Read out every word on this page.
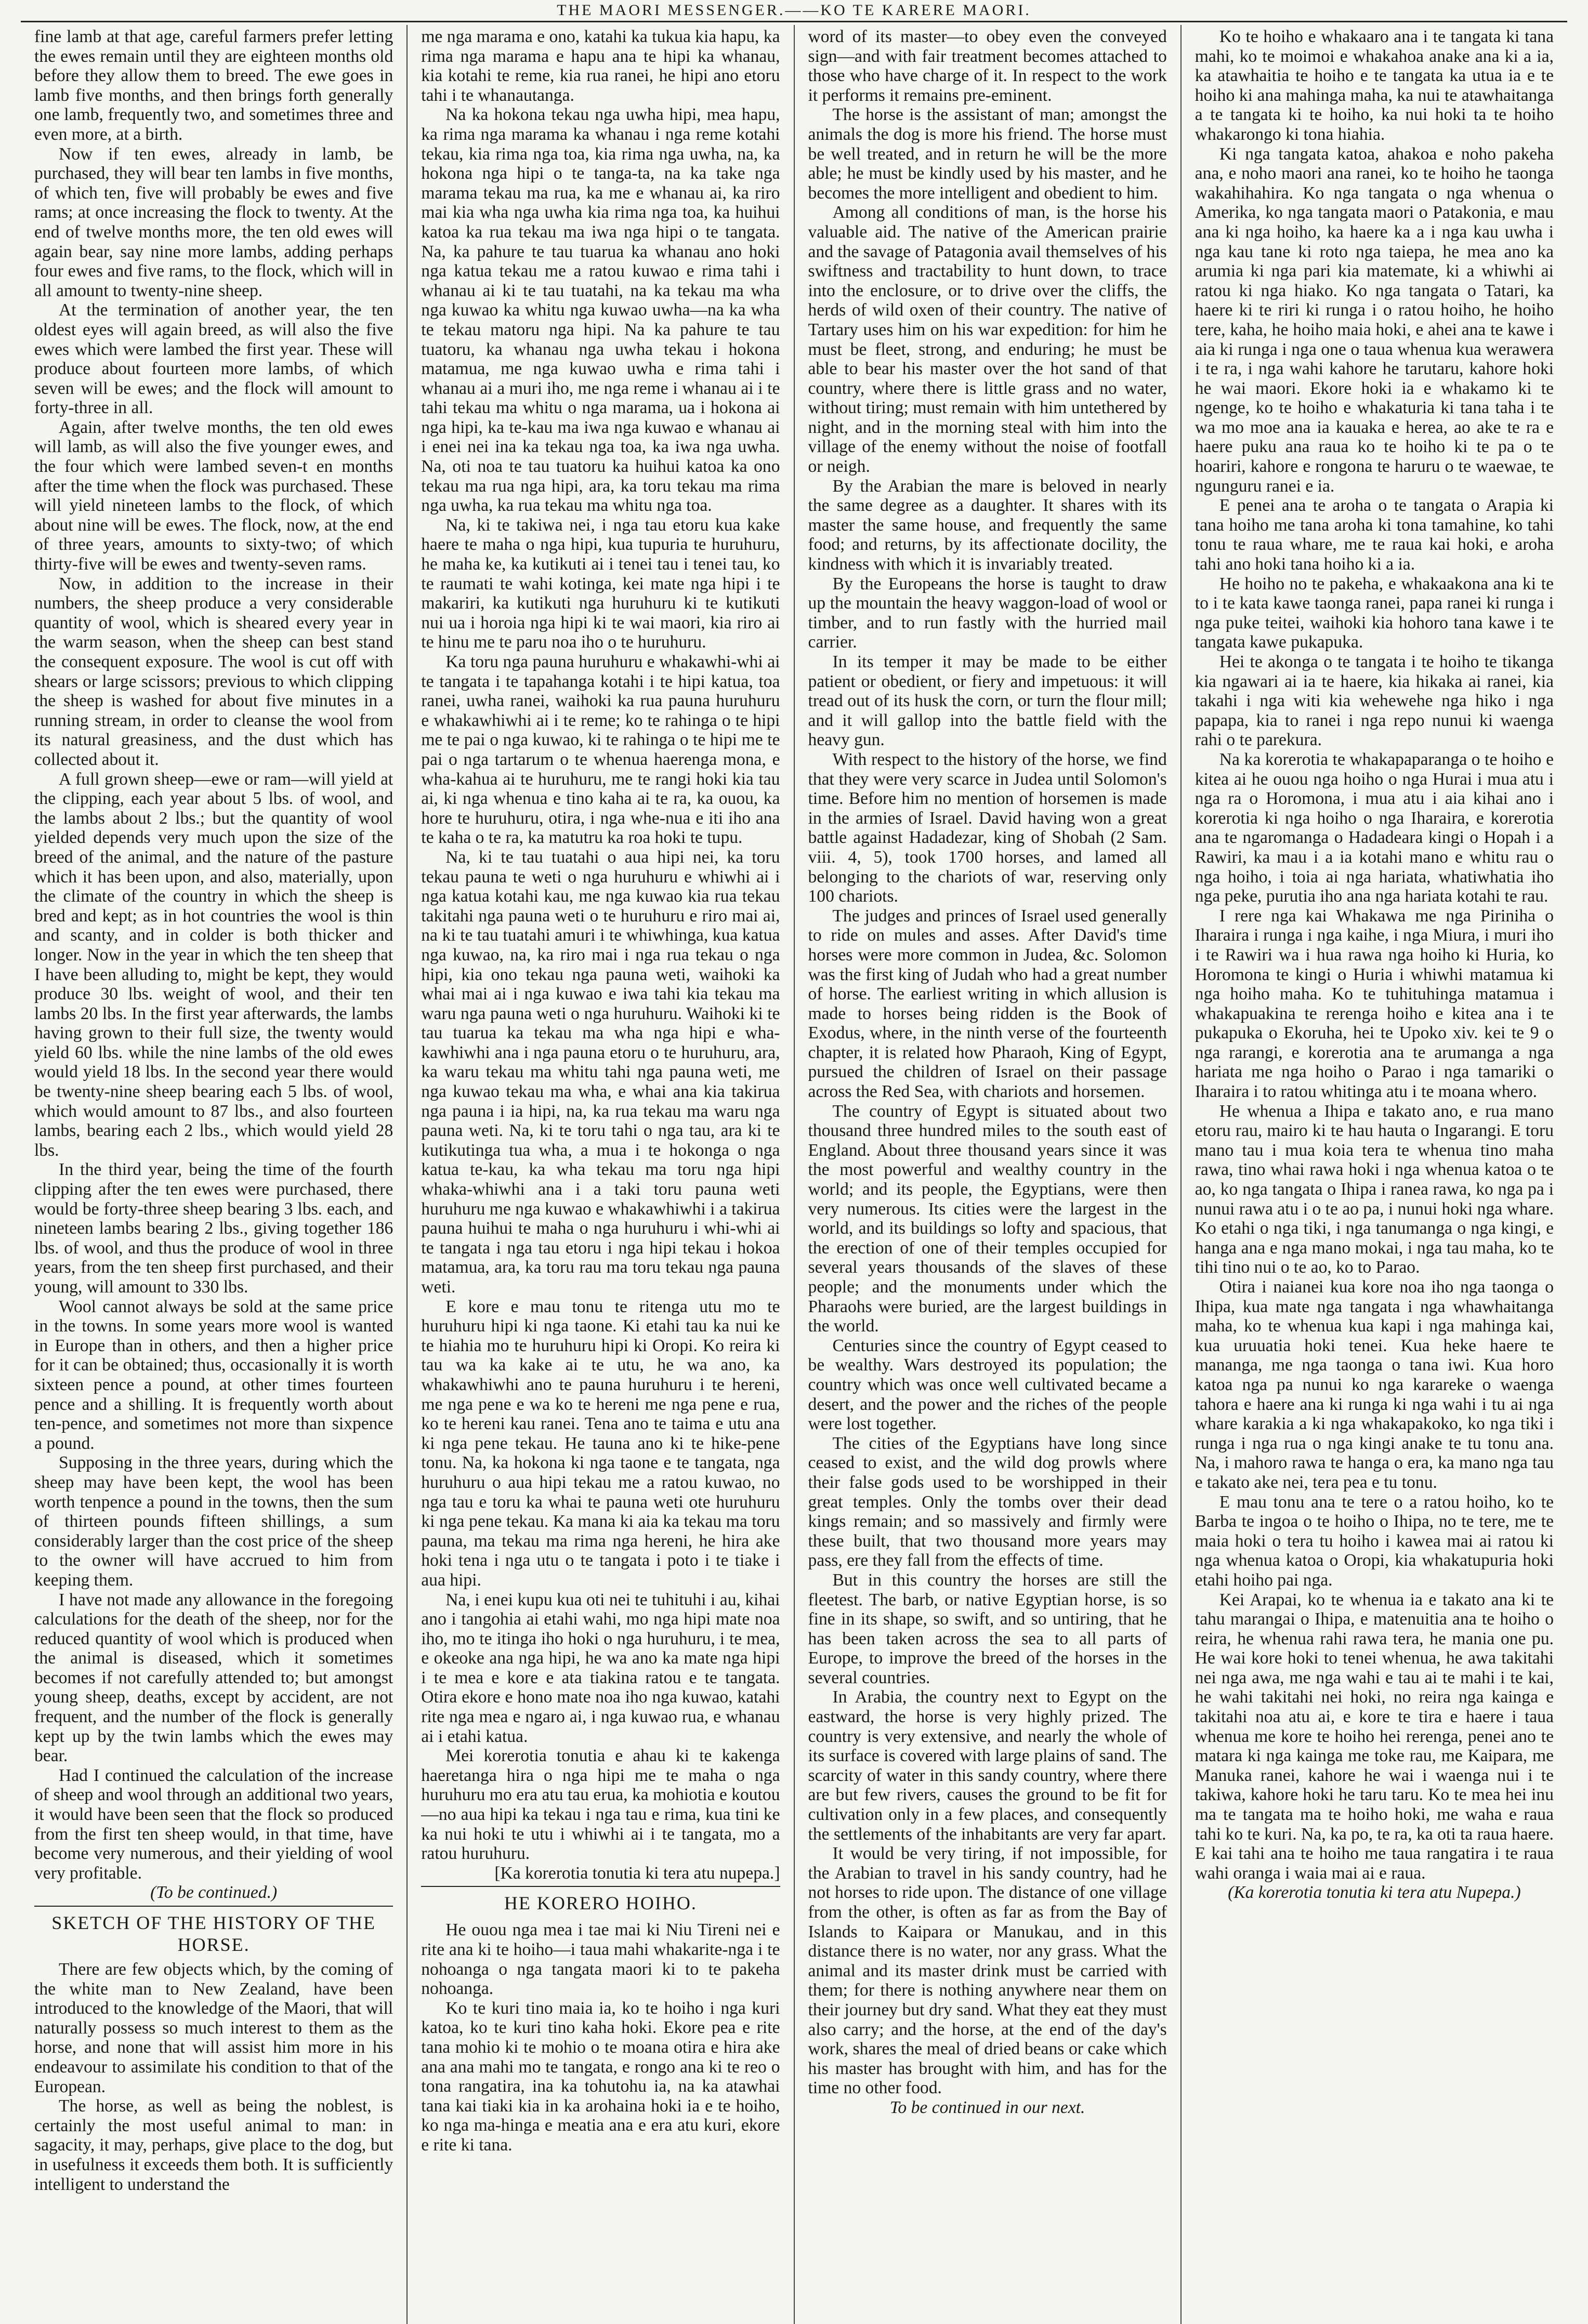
THE MAORI MESSENGER.——KO TE KARERE MAORI.

fine lamb at that age, careful farmers prefer letting the ewes remain until they are eighteen months old before they allow them to breed. The ewe goes in lamb five months, and then brings forth generally one lamb, frequently two, and sometimes three and even more, at a birth.

Now if ten ewes, already in lamb, be purchased, they will bear ten lambs in five months, of which ten, five will probably be ewes and five rams; at once increasing the flock to twenty. At the end of twelve months more, the ten old ewes will again bear, say nine more lambs, adding perhaps four ewes and five rams, to the flock, which will in all amount to twenty-nine sheep.

At the termination of another year, the ten oldest eyes will again breed, as will also the five ewes which were lambed the first year. These will produce about fourteen more lambs, of which seven will be ewes; and the flock will amount to forty-three in all.

Again, after twelve months, the ten old ewes will lamb, as will also the five younger ewes, and the four which were lambed seven-t en months after the time when the flock was purchased. These will yield nineteen lambs to the flock, of which about nine will be ewes. The flock, now, at the end of three years, amounts to sixty-two; of which thirty-five will be ewes and twenty-seven rams.

Now, in addition to the increase in their numbers, the sheep produce a very considerable quantity of wool, which is sheared every year in the warm season, when the sheep can best stand the consequent exposure. The wool is cut off with shears or large scissors; previous to which clipping the sheep is washed for about five minutes in a running stream, in order to cleanse the wool from its natural greasiness, and the dust which has collected about it.

A full grown sheep—ewe or ram—will yield at the clipping, each year about 5 lbs. of wool, and the lambs about 2 lbs.; but the quantity of wool yielded depends very much upon the size of the breed of the animal, and the nature of the pasture which it has been upon, and also, materially, upon the climate of the country in which the sheep is bred and kept; as in hot countries the wool is thin and scanty, and in colder is both thicker and longer. Now in the year in which the ten sheep that I have been alluding to, might be kept, they would produce 30 lbs. weight of wool, and their ten lambs 20 lbs. In the first year afterwards, the lambs having grown to their full size, the twenty would yield 60 lbs. while the nine lambs of the old ewes would yield 18 lbs. In the second year there would be twenty-nine sheep bearing each 5 lbs. of wool, which would amount to 87 lbs., and also fourteen lambs, bearing each 2 lbs., which would yield 28 lbs.

In the third year, being the time of the fourth clipping after the ten ewes were purchased, there would be forty-three sheep bearing 3 lbs. each, and nineteen lambs bearing 2 lbs., giving together 186 lbs. of wool, and thus the produce of wool in three years, from the ten sheep first purchased, and their young, will amount to 330 lbs.

Wool cannot always be sold at the same price in the towns. In some years more wool is wanted in Europe than in others, and then a higher price for it can be obtained; thus, occasionally it is worth sixteen pence a pound, at other times fourteen pence and a shilling. It is frequently worth about ten-pence, and sometimes not more than sixpence a pound.

Supposing in the three years, during which the sheep may have been kept, the wool has been worth tenpence a pound in the towns, then the sum of thirteen pounds fifteen shillings, a sum considerably larger than the cost price of the sheep to the owner will have accrued to him from keeping them.

I have not made any allowance in the foregoing calculations for the death of the sheep, nor for the reduced quantity of wool which is produced when the animal is diseased, which it sometimes becomes if not carefully attended to; but amongst young sheep, deaths, except by accident, are not frequent, and the number of the flock is generally kept up by the twin lambs which the ewes may bear.

Had I continued the calculation of the increase of sheep and wool through an additional two years, it would have been seen that the flock so produced from the first ten sheep would, in that time, have become very numerous, and their yielding of wool very profitable.

(To be continued.)

SKETCH OF THE HISTORY OF THE HORSE.

There are few objects which, by the coming of the white man to New Zealand, have been introduced to the knowledge of the Maori, that will naturally possess so much interest to them as the horse, and none that will assist him more in his endeavour to assimilate his condition to that of the European.

The horse, as well as being the noblest, is certainly the most useful animal to man: in sagacity, it may, perhaps, give place to the dog, but in usefulness it exceeds them both. It is sufficiently intelligent to understand the

me nga marama e ono, katahi ka tukua kia hapu, ka rima nga marama e hapu ana te hipi ka whanau, kia kotahi te reme, kia rua ranei, he hipi ano etoru tahi i te whanautanga.

Na ka hokona tekau nga uwha hipi, mea hapu, ka rima nga marama ka whanau i nga reme kotahi tekau, kia rima nga toa, kia rima nga uwha, na, ka hokona nga hipi o te tanga-ta, na ka take nga marama tekau ma rua, ka me e whanau ai, ka riro mai kia wha nga uwha kia rima nga toa, ka huihui katoa ka rua tekau ma iwa nga hipi o te tangata. Na, ka pahure te tau tuarua ka whanau ano hoki nga katua tekau me a ratou kuwao e rima tahi i whanau ai ki te tau tuatahi, na ka tekau ma wha nga kuwao ka whitu nga kuwao uwha—na ka wha te tekau matoru nga hipi. Na ka pahure te tau tuatoru, ka whanau nga uwha tekau i hokona matamua, me nga kuwao uwha e rima tahi i whanau ai a muri iho, me nga reme i whanau ai i te tahi tekau ma whitu o nga marama, ua i hokona ai nga hipi, ka te-kau ma iwa nga kuwao e whanau ai i enei nei ina ka tekau nga toa, ka iwa nga uwha. Na, oti noa te tau tuatoru ka huihui katoa ka ono tekau ma rua nga hipi, ara, ka toru tekau ma rima nga uwha, ka rua tekau ma whitu nga toa.

Na, ki te takiwa nei, i nga tau etoru kua kake haere te maha o nga hipi, kua tupuria te huruhuru, he maha ke, ka kutikuti ai i tenei tau i tenei tau, ko te raumati te wahi kotinga, kei mate nga hipi i te makariri, ka kutikuti nga huruhuru ki te kutikuti nui ua i horoia nga hipi ki te wai maori, kia riro ai te hinu me te paru noa iho o te huruhuru.

Ka toru nga pauna huruhuru e whakawhi-whi ai te tangata i te tapahanga kotahi i te hipi katua, toa ranei, uwha ranei, waihoki ka rua pauna huruhuru e whakawhiwhi ai i te reme; ko te rahinga o te hipi me te pai o nga kuwao, ki te rahinga o te hipi me te pai o nga tartarum o te whenua haerenga mona, e wha-kahua ai te huruhuru, me te rangi hoki kia tau ai, ki nga whenua e tino kaha ai te ra, ka ouou, ka hore te huruhuru, otira, i nga whe-nua e iti iho ana te kaha o te ra, ka matutru ka roa hoki te tupu.

Na, ki te tau tuatahi o aua hipi nei, ka toru tekau pauna te weti o nga huruhuru e whiwhi ai i nga katua kotahi kau, me nga kuwao kia rua tekau takitahi nga pauna weti o te huruhuru e riro mai ai, na ki te tau tuatahi amuri i te whiwhinga, kua katua nga kuwao, na, ka riro mai i nga rua tekau o nga hipi, kia ono tekau nga pauna weti, waihoki ka whai mai ai i nga kuwao e iwa tahi kia tekau ma waru nga pauna weti o nga huruhuru. Waihoki ki te tau tuarua ka tekau ma wha nga hipi e wha-kawhiwhi ana i nga pauna etoru o te huruhuru, ara, ka waru tekau ma whitu tahi nga pauna weti, me nga kuwao tekau ma wha, e whai ana kia takirua nga pauna i ia hipi, na, ka rua tekau ma waru nga pauna weti. Na, ki te toru tahi o nga tau, ara ki te kutikutinga tua wha, a mua i te hokonga o nga katua te-kau, ka wha tekau ma toru nga hipi whaka-whiwhi ana i a taki toru pauna weti huruhuru me nga kuwao e whakawhiwhi i a takirua pauna huihui te maha o nga huruhuru i whi-whi ai te tangata i nga tau etoru i nga hipi tekau i hokoa matamua, ara, ka toru rau ma toru tekau nga pauna weti.

E kore e mau tonu te ritenga utu mo te huruhuru hipi ki nga taone. Ki etahi tau ka nui ke te hiahia mo te huruhuru hipi ki Oropi. Ko reira ki tau wa ka kake ai te utu, he wa ano, ka whakawhiwhi ano te pauna huruhuru i te hereni, me nga pene e wa ko te hereni me nga pene e rua, ko te hereni kau ranei. Tena ano te taima e utu ana ki nga pene tekau. He tauna ano ki te hike-pene tonu. Na, ka hokona ki nga taone e te tangata, nga huruhuru o aua hipi tekau me a ratou kuwao, no nga tau e toru ka whai te pauna weti ote huruhuru ki nga pene tekau. Ka mana ki aia ka tekau ma toru pauna, ma tekau ma rima nga hereni, he hira ake hoki tena i nga utu o te tangata i poto i te tiake i aua hipi.

Na, i enei kupu kua oti nei te tuhituhi i au, kihai ano i tangohia ai etahi wahi, mo nga hipi mate noa iho, mo te itinga iho hoki o nga huruhuru, i te mea, e okeoke ana nga hipi, he wa ano ka mate nga hipi i te mea e kore e ata tiakina ratou e te tangata. Otira ekore e hono mate noa iho nga kuwao, katahi rite nga mea e ngaro ai, i nga kuwao rua, e whanau ai i etahi katua.

Mei korerotia tonutia e ahau ki te kakenga haeretanga hira o nga hipi me te maha o nga huruhuru mo era atu tau erua, ka mohiotia e koutou—no aua hipi ka tekau i nga tau e rima, kua tini ke ka nui hoki te utu i whiwhi ai i te tangata, mo a ratou huruhuru.

[Ka korerotia tonutia ki tera atu nupepa.]

HE KORERO HOIHO.

He ouou nga mea i tae mai ki Niu Tireni nei e rite ana ki te hoiho—i taua mahi whakarite-nga i te nohoanga o nga tangata maori ki to te pakeha nohoanga.

Ko te kuri tino maia ia, ko te hoiho i nga kuri katoa, ko te kuri tino kaha hoki. Ekore pea e rite tana mohio ki te mohio o te moana otira e hira ake ana ana mahi mo te tangata, e rongo ana ki te reo o tona rangatira, ina ka tohutohu ia, na ka atawhai tana kai tiaki kia in ka arohaina hoki ia e te hoiho, ko nga ma-hinga e meatia ana e era atu kuri, ekore e rite ki tana.

word of its master—to obey even the conveyed sign—and with fair treatment becomes attached to those who have charge of it. In respect to the work it performs it remains pre-eminent.

The horse is the assistant of man; amongst the animals the dog is more his friend. The horse must be well treated, and in return he will be the more able; he must be kindly used by his master, and he becomes the more intelligent and obedient to him.

Among all conditions of man, is the horse his valuable aid. The native of the American prairie and the savage of Patagonia avail themselves of his swiftness and tractability to hunt down, to trace into the enclosure, or to drive over the cliffs, the herds of wild oxen of their country. The native of Tartary uses him on his war expedition: for him he must be fleet, strong, and enduring; he must be able to bear his master over the hot sand of that country, where there is little grass and no water, without tiring; must remain with him untethered by night, and in the morning steal with him into the village of the enemy without the noise of footfall or neigh.

By the Arabian the mare is beloved in nearly the same degree as a daughter. It shares with its master the same house, and frequently the same food; and returns, by its affectionate docility, the kindness with which it is invariably treated.

By the Europeans the horse is taught to draw up the mountain the heavy waggon-load of wool or timber, and to run fastly with the hurried mail carrier.

In its temper it may be made to be either patient or obedient, or fiery and impetuous: it will tread out of its husk the corn, or turn the flour mill; and it will gallop into the battle field with the heavy gun.

With respect to the history of the horse, we find that they were very scarce in Judea until Solomon's time. Before him no mention of horsemen is made in the armies of Israel. David having won a great battle against Hadadezar, king of Shobah (2 Sam. viii. 4, 5), took 1700 horses, and lamed all belonging to the chariots of war, reserving only 100 chariots.

The judges and princes of Israel used generally to ride on mules and asses. After David's time horses were more common in Judea, &c. Solomon was the first king of Judah who had a great number of horse. The earliest writing in which allusion is made to horses being ridden is the Book of Exodus, where, in the ninth verse of the fourteenth chapter, it is related how Pharaoh, King of Egypt, pursued the children of Israel on their passage across the Red Sea, with chariots and horsemen.

The country of Egypt is situated about two thousand three hundred miles to the south east of England. About three thousand years since it was the most powerful and wealthy country in the world; and its people, the Egyptians, were then very numerous. Its cities were the largest in the world, and its buildings so lofty and spacious, that the erection of one of their temples occupied for several years thousands of the slaves of these people; and the monuments under which the Pharaohs were buried, are the largest buildings in the world.

Centuries since the country of Egypt ceased to be wealthy. Wars destroyed its population; the country which was once well cultivated became a desert, and the power and the riches of the people were lost together.

The cities of the Egyptians have long since ceased to exist, and the wild dog prowls where their false gods used to be worshipped in their great temples. Only the tombs over their dead kings remain; and so massively and firmly were these built, that two thousand more years may pass, ere they fall from the effects of time.

But in this country the horses are still the fleetest. The barb, or native Egyptian horse, is so fine in its shape, so swift, and so untiring, that he has been taken across the sea to all parts of Europe, to improve the breed of the horses in the several countries.

In Arabia, the country next to Egypt on the eastward, the horse is very highly prized. The country is very extensive, and nearly the whole of its surface is covered with large plains of sand. The scarcity of water in this sandy country, where there are but few rivers, causes the ground to be fit for cultivation only in a few places, and consequently the settlements of the inhabitants are very far apart.

It would be very tiring, if not impossible, for the Arabian to travel in his sandy country, had he not horses to ride upon. The distance of one village from the other, is often as far as from the Bay of Islands to Kaipara or Manukau, and in this distance there is no water, nor any grass. What the animal and its master drink must be carried with them; for there is nothing anywhere near them on their journey but dry sand. What they eat they must also carry; and the horse, at the end of the day's work, shares the meal of dried beans or cake which his master has brought with him, and has for the time no other food.

To be continued in our next.

Ko te hoiho e whakaaro ana i te tangata ki tana mahi, ko te moimoi e whakahoa anake ana ki a ia, ka atawhaitia te hoiho e te tangata ka utua ia e te hoiho ki ana mahinga maha, ka nui te atawhaitanga a te tangata ki te hoiho, ka nui hoki ta te hoiho whakarongo ki tona hiahia.

Ki nga tangata katoa, ahakoa e noho pakeha ana, e noho maori ana ranei, ko te hoiho he taonga wakahihahira. Ko nga tangata o nga whenua o Amerika, ko nga tangata maori o Patakonia, e mau ana ki nga hoiho, ka haere ka a i nga kau uwha i nga kau tane ki roto nga taiepa, he mea ano ka arumia ki nga pari kia matemate, ki a whiwhi ai ratou ki nga hiako. Ko nga tangata o Tatari, ka haere ki te riri ki runga i o ratou hoiho, he hoiho tere, kaha, he hoiho maia hoki, e ahei ana te kawe i aia ki runga i nga one o taua whenua kua werawera i te ra, i nga wahi kahore he tarutaru, kahore hoki he wai maori. Ekore hoki ia e whakamo ki te ngenge, ko te hoiho e whakaturia ki tana taha i te wa mo moe ana ia kauaka e herea, ao ake te ra e haere puku ana raua ko te hoiho ki te pa o te hoariri, kahore e rongona te haruru o te waewae, te ngunguru ranei e ia.

E penei ana te aroha o te tangata o Arapia ki tana hoiho me tana aroha ki tona tamahine, ko tahi tonu te raua whare, me te raua kai hoki, e aroha tahi ano hoki tana hoiho ki a ia.

He hoiho no te pakeha, e whakaakona ana ki te to i te kata kawe taonga ranei, papa ranei ki runga i nga puke teitei, waihoki kia hohoro tana kawe i te tangata kawe pukapuka.

Hei te akonga o te tangata i te hoiho te tikanga kia ngawari ai ia te haere, kia hikaka ai ranei, kia takahi i nga witi kia wehewehe nga hiko i nga papapa, kia to ranei i nga repo nunui ki waenga rahi o te parekura.

Na ka korerotia te whakapaparanga o te hoiho e kitea ai he ouou nga hoiho o nga Hurai i mua atu i nga ra o Horomona, i mua atu i aia kihai ano i korerotia ki nga hoiho o nga Iharaira, e korerotia ana te ngaromanga o Hadadeara kingi o Hopah i a Rawiri, ka mau i a ia kotahi mano e whitu rau o nga hoiho, i toia ai nga hariata, whatiwhatia iho nga peke, purutia iho ana nga hariata kotahi te rau.

I rere nga kai Whakawa me nga Pirinihа o Iharaira i runga i nga kaihe, i nga Miura, i muri iho i te Rawiri wa i hua rawa nga hoiho ki Huria, ko Horomona te kingi o Huria i whiwhi matamua ki nga hoiho maha. Ko te tuhituhinga matamua i whakapuakina te rerenga hoiho e kitea ana i te pukapuka o Ekoruha, hei te Upoko xiv. kei te 9 o nga rarangi, e korerotia ana te arumanga a nga hariata me nga hoiho o Parao i nga tamariki o Iharaira i to ratou whitinga atu i te moana whero.

He whenua a Ihipa e takato ano, e rua mano etoru rau, mairo ki te hau hauta o Ingarangi. E toru mano tau i mua koia tera te whenua tino maha rawa, tino whai rawa hoki i nga whenua katoa o te ao, ko nga tangata o Ihipa i ranea rawa, ko nga pa i nunui rawa atu i o te ao pa, i nunui hoki nga whare. Ko etahi o nga tiki, i nga tanumanga o nga kingi, e hanga ana e nga mano mokai, i nga tau maha, ko te tihi tino nui o te ao, ko to Parao.

Otira i naianei kua kore noa iho nga taonga o Ihipa, kua mate nga tangata i nga whawhaitanga maha, ko te whenua kua kapi i nga mahinga kai, kua uruuatia hoki tenei. Kua heke haere te mananga, me nga taonga o tana iwi. Kua horo katoa nga pa nunui ko nga karareke o waenga tahora e haere ana ki runga ki nga wahi i tu ai nga whare karakia a ki nga whakapakoko, ko nga tiki i runga i nga rua o nga kingi anake te tu tonu ana. Na, i mahoro rawa te hanga o era, ka mano nga tau e takato ake nei, tera pea e tu tonu.

E mau tonu ana te tere o a ratou hoiho, ko te Barba te ingoa o te hoiho o Ihipa, no te tere, me te maia hoki o tera tu hoiho i kawea mai ai ratou ki nga whenua katoa o Oropi, kia whakatupuria hoki etahi hoiho pai nga.

Kei Arapai, ko te whenua ia e takato ana ki te tahu marangai o Ihipa, e matenuitia ana te hoiho o reira, he whenua rahi rawa tera, he mania one pu. He wai kore hoki to tenei whenua, he awa takitahi nei nga awa, me nga wahi e tau ai te mahi i te kai, he wahi takitahi nei hoki, no reira nga kainga e takitahi noa atu ai, e kore te tira e haere i taua whenua me kore te hoiho hei rerenga, penei ano te matara ki nga kainga me toke rau, me Kaipara, me Manuka ranei, kahore he wai i waenga nui i te takiwa, kahore hoki he taru taru. Ko te mea hei inu ma te tangata ma te hoiho hoki, me waha e raua tahi ko te kuri. Na, ka po, te ra, ka oti ta raua haere. E kai tahi ana te hoiho me taua rangatira i te raua wahi oranga i waia mai ai e raua.

(Ka korerotia tonutia ki tera atu Nupepa.)
